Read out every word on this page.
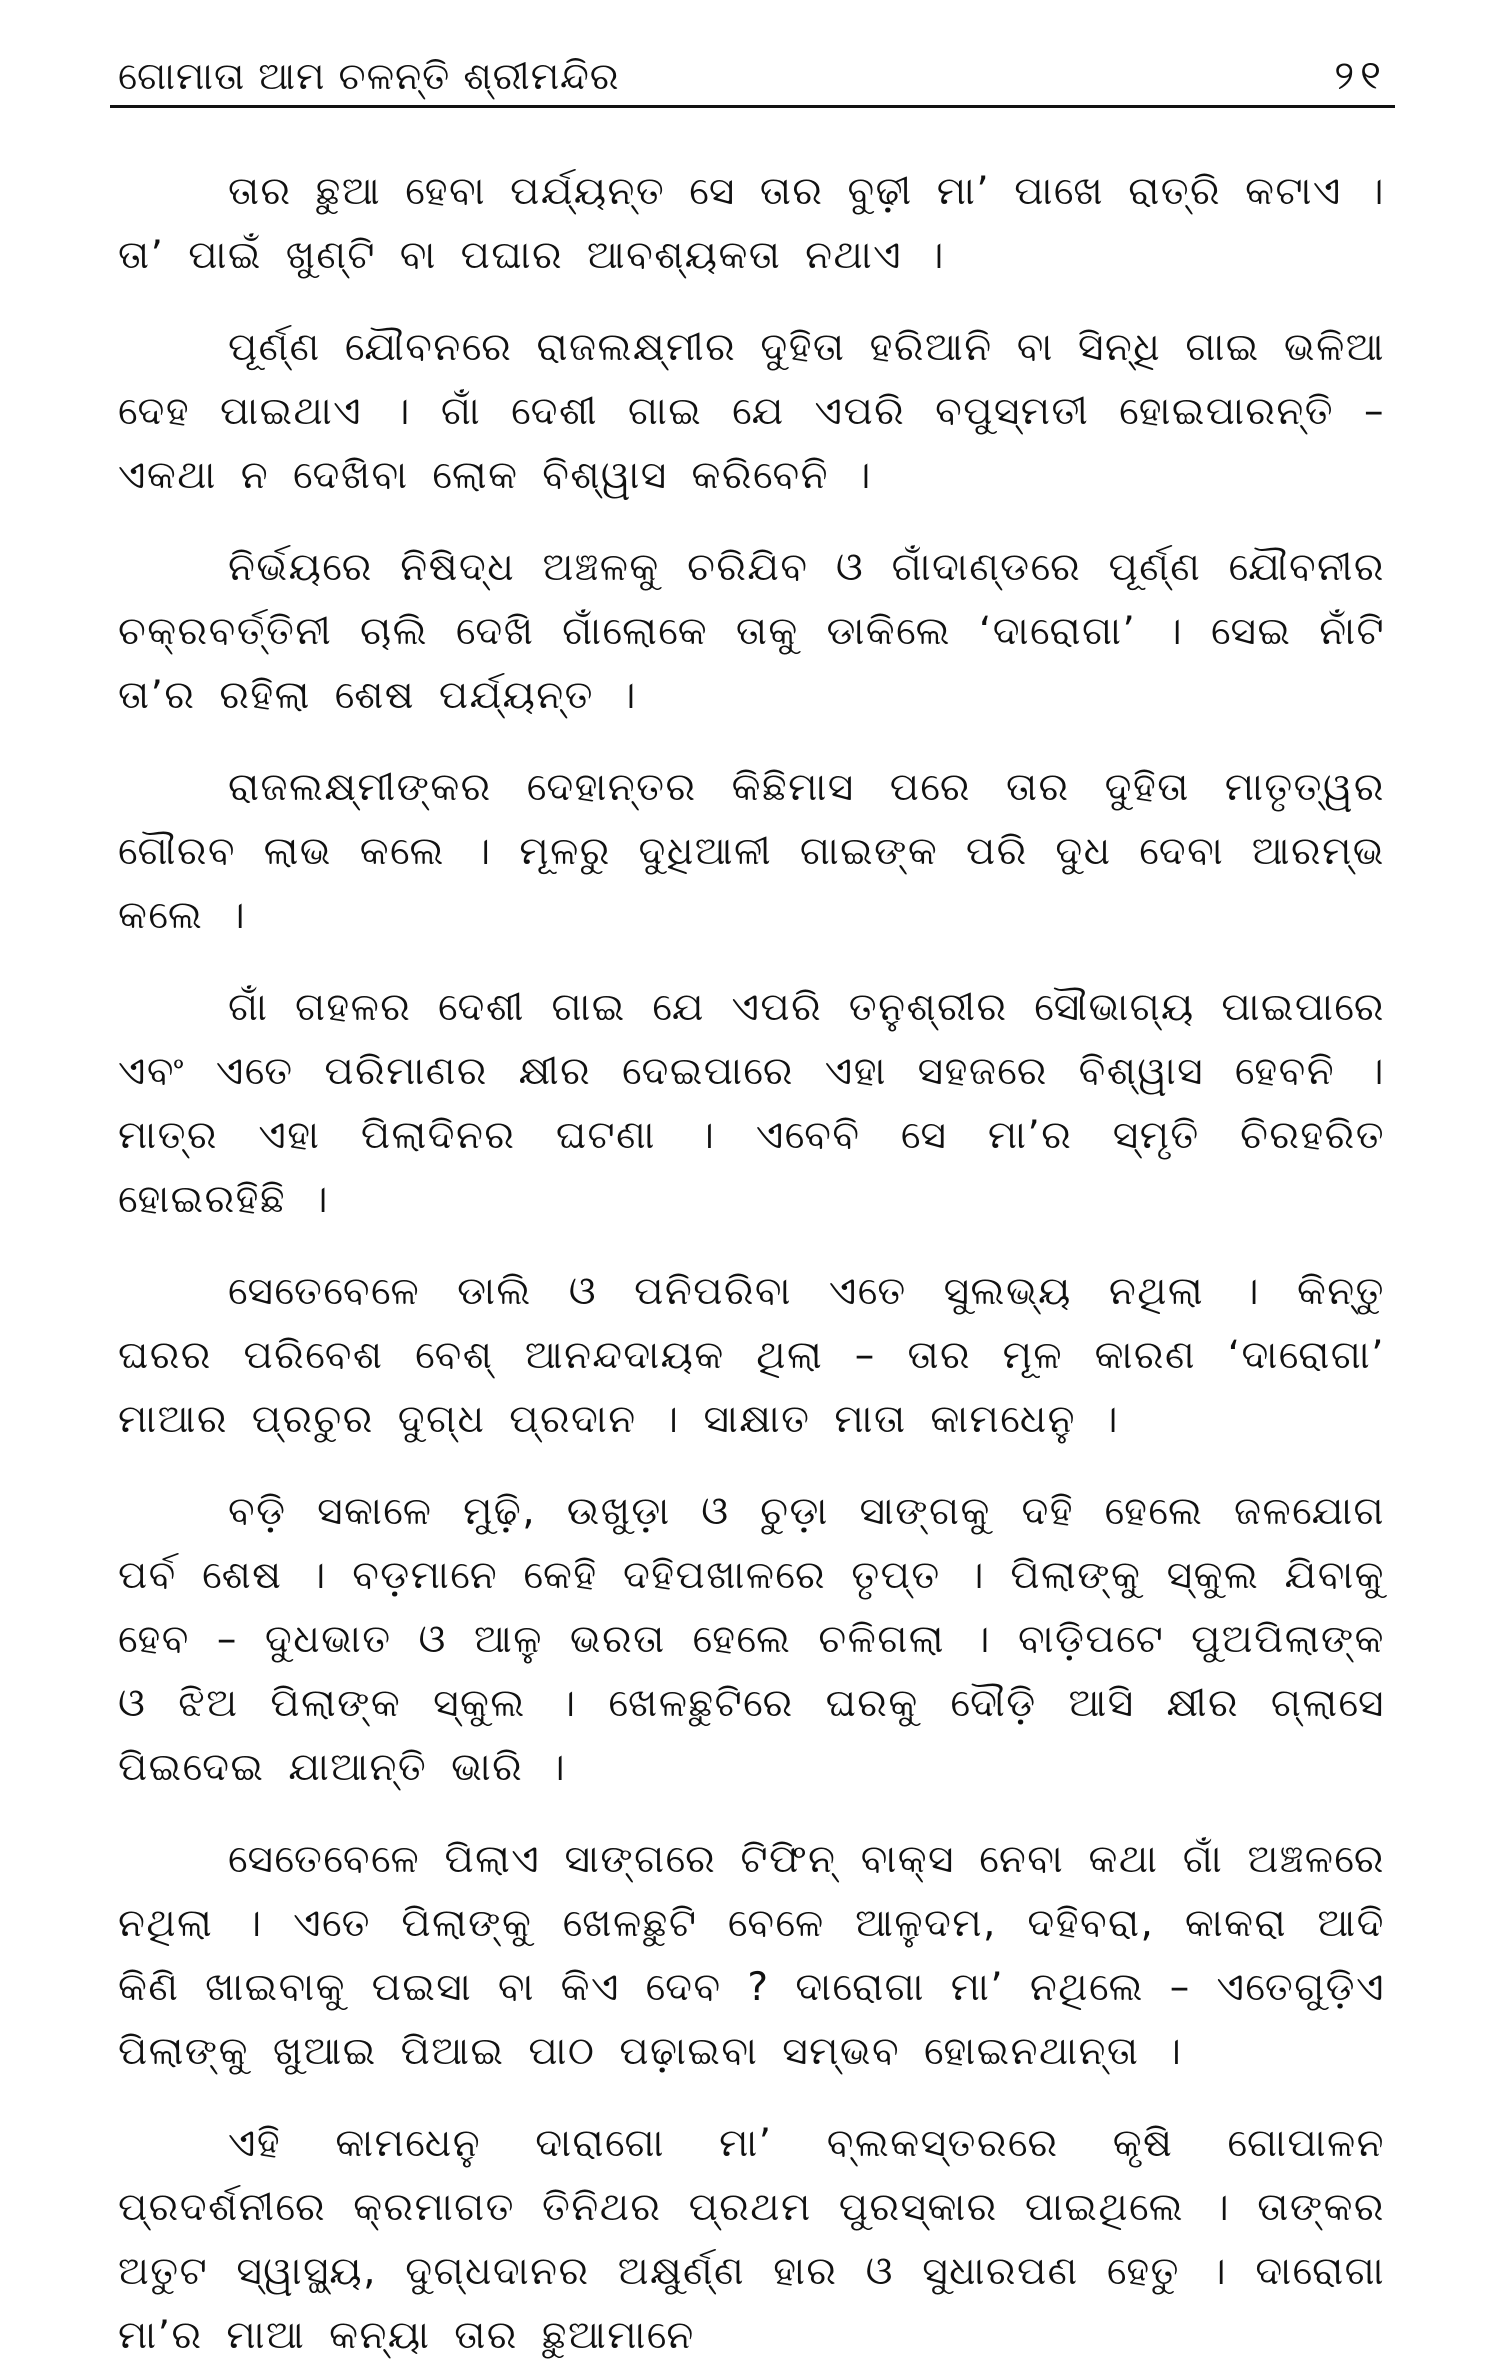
ଗୋମାତା ଆମ ଚଳନ୍ତି ଶ୍ରୀମନ୍ଦିର	୨୧

ତାର ଛୁଆ ହେବା ପର୍ଯ୍ୟନ୍ତ ସେ ତାର ବୁଢ଼ୀ ମା’ ପାଖେ ରାତ୍ରି କଟାଏ । ତା’ ପାଇଁ ଖୁଣ୍ଟି ବା ପଘାର ଆବଶ୍ୟକତା ନଥାଏ ।

ପୂର୍ଣ୍ଣ ଯୌବନରେ ରାଜଲକ୍ଷ୍ମୀର ଦୁହିତା ହରିଆନି ବା ସିନ୍ଧି ଗାଇ ଭଳିଆ ଦେହ ପାଇଥାଏ । ଗାଁ ଦେଶୀ ଗାଇ ଯେ ଏପରି ବପୁସ୍ମତୀ ହୋଇପାରନ୍ତି – ଏକଥା ନ ଦେଖିବା ଲୋକ ବିଶ୍ୱାସ କରିବେନି ।

ନିର୍ଭୟରେ ନିଷିଦ୍ଧ ଅଞ୍ଚଳକୁ ଚରିଯିବ ଓ ଗାଁଦାଣ୍ଡରେ ପୂର୍ଣ୍ଣ ଯୌବନୀର ଚକ୍ରବର୍ତ୍ତିନୀ ଚାଲି ଦେଖି ଗାଁଲୋକେ ତାକୁ ଡାକିଲେ ‘ଦାରୋଗା’ । ସେଇ ନାଁଟି ତା’ର ରହିଲା ଶେଷ ପର୍ଯ୍ୟନ୍ତ ।

ରାଜଲକ୍ଷ୍ମୀଙ୍କର ଦେହାନ୍ତର କିଛିମାସ ପରେ ତାର ଦୁହିତା ମାତୃତ୍ୱର ଗୌରବ ଲାଭ କଲେ । ମୂଳରୁ ଦୁଧିଆଳୀ ଗାଇଙ୍କ ପରି ଦୁଧ ଦେବା ଆରମ୍ଭ କଲେ ।

ଗାଁ ଗହଳର ଦେଶୀ ଗାଇ ଯେ ଏପରି ତନୁଶ୍ରୀର ସୌଭାଗ୍ୟ ପାଇପାରେ ଏବଂ ଏତେ ପରିମାଣର କ୍ଷୀର ଦେଇପାରେ ଏହା ସହଜରେ ବିଶ୍ୱାସ ହେବନି । ମାତ୍ର ଏହା ପିଲାଦିନର ଘଟଣା । ଏବେବି ସେ ମା’ର ସ୍ମୃତି ଚିରହରିତ ହୋଇରହିଛି ।

ସେତେବେଳେ ଡାଲି ଓ ପନିପରିବା ଏତେ ସୁଲଭ୍ୟ ନଥିଲା । କିନ୍ତୁ ଘରର ପରିବେଶ ବେଶ୍ ଆନନ୍ଦଦାୟକ ଥିଲା – ତାର ମୂଳ କାରଣ ‘ଦାରୋଗା’ ମାଆର ପ୍ରଚୁର ଦୁଗ୍ଧ ପ୍ରଦାନ । ସାକ୍ଷାତ ମାତା କାମଧେନୁ ।

ବଡ଼ି ସକାଳେ ମୁଢ଼ି, ଉଖୁଡ଼ା ଓ ଚୁଡ଼ା ସାଙ୍ଗକୁ ଦହି ହେଲେ ଜଳଯୋଗ ପର୍ବ ଶେଷ । ବଡ଼ମାନେ କେହି ଦହିପଖାଳରେ ତୃପ୍ତ । ପିଲାଙ୍କୁ ସ୍କୁଲ ଯିବାକୁ ହେବ – ଦୁଧଭାତ ଓ ଆଳୁ ଭରତା ହେଲେ ଚଳିଗଲା । ବାଡ଼ିପଟେ ପୁଅପିଲାଙ୍କ ଓ ଝିଅ ପିଲାଙ୍କ ସ୍କୁଲ । ଖେଳଛୁଟିରେ ଘରକୁ ଦୌଡ଼ି ଆସି କ୍ଷୀର ଗ୍ଲାସେ ପିଇଦେଇ ଯାଆନ୍ତି ଭାରି ।

ସେତେବେଳେ ପିଲାଏ ସାଙ୍ଗରେ ଟିଫିନ୍ ବାକ୍ସ ନେବା କଥା ଗାଁ ଅଞ୍ଚଳରେ ନଥିଲା । ଏତେ ପିଲାଙ୍କୁ ଖେଳଛୁଟି ବେଳେ ଆଳୁଦମ, ଦହିବରା, କାକରା ଆଦି କିଣି ଖାଇବାକୁ ପଇସା ବା କିଏ ଦେବ ? ଦାରୋଗା ମା’ ନଥିଲେ – ଏତେଗୁଡ଼ିଏ ପିଲାଙ୍କୁ ଖୁଆଇ ପିଆଇ ପାଠ ପଢ଼ାଇବା ସମ୍ଭବ ହୋଇନଥାନ୍ତା ।

ଏହି କାମଧେନୁ ଦାରାଗୋ ମା’ ବ୍ଲକସ୍ତରରେ କୃଷି ଗୋପାଳନ ପ୍ରଦର୍ଶନୀରେ କ୍ରମାଗତ ତିନିଥର ପ୍ରଥମ ପୁରସ୍କାର ପାଇଥିଲେ । ତାଙ୍କର ଅତୁଟ ସ୍ୱାସ୍ଥ୍ୟ, ଦୁଗ୍ଧଦାନର ଅକ୍ଷୁର୍ଣ୍ଣ ହାର ଓ ସୁଧାରପଣ ହେତୁ । ଦାରୋଗା ମା’ର ମାଆ କନ୍ୟା ତାର ଛୁଆମାନେ
